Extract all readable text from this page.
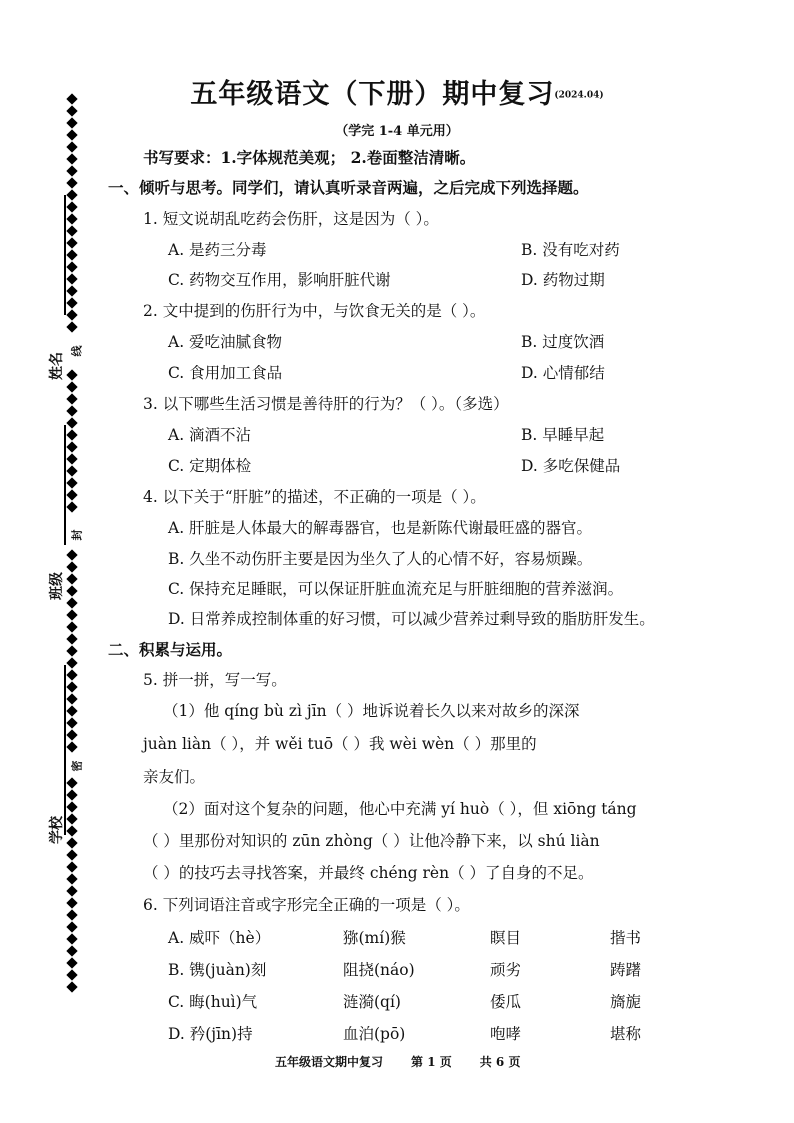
姓名
班级
学校
线
封
密
五年级语文（下册）期中复习(2024.04)
（学完 1-4 单元用）
书写要求：1.字体规范美观； 2.卷面整洁清晰。
一、倾听与思考。同学们，请认真听录音两遍，之后完成下列选择题。
1. 短文说胡乱吃药会伤肝，这是因为（ ）。
A. 是药三分毒	B. 没有吃对药
C. 药物交互作用，影响肝脏代谢	D. 药物过期
2. 文中提到的伤肝行为中，与饮食无关的是（ ）。
A. 爱吃油腻食物	B. 过度饮酒
C. 食用加工食品	D. 心情郁结
3. 以下哪些生活习惯是善待肝的行为？（ ）。（多选）
A. 滴酒不沾	B. 早睡早起
C. 定期体检	D. 多吃保健品
4. 以下关于“肝脏”的描述，不正确的一项是（ ）。
A. 肝脏是人体最大的解毒器官，也是新陈代谢最旺盛的器官。
B. 久坐不动伤肝主要是因为坐久了人的心情不好，容易烦躁。
C. 保持充足睡眠，可以保证肝脏血流充足与肝脏细胞的营养滋润。
D. 日常养成控制体重的好习惯，可以减少营养过剩导致的脂肪肝发生。
二、积累与运用。
5. 拼一拼，写一写。
（1）他 qíng bù zì jīn（ ）地诉说着长久以来对故乡的深深
juàn liàn（ ），并 wěi tuō（ ）我 wèi wèn（ ）那里的
亲友们。
（2）面对这个复杂的问题，他心中充满 yí huò（ ），但 xiōng táng
（ ）里那份对知识的 zūn zhòng（ ）让他冷静下来，以 shú liàn
（ ）的技巧去寻找答案，并最终 chéng rèn（ ）了自身的不足。
6. 下列词语注音或字形完全正确的一项是（ ）。
A. 威吓（hè）	猕(mí)猴	瞑目	揩书
B. 镌(juàn)刻	阻挠(náo)	顽劣	踌躇
C. 晦(huì)气	涟漪(qí)	倭瓜	旖旎
D. 矜(jīn)持	血泊(pō)	咆哮	堪称
五年级语文期中复习 第 1 页 共 6 页
